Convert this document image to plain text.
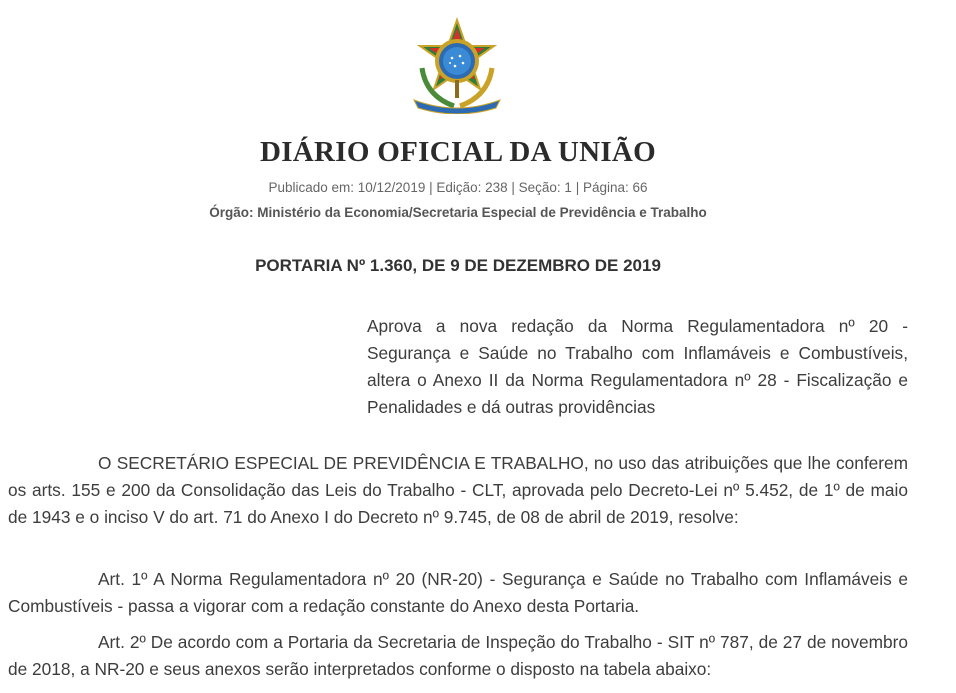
DIÁRIO OFICIAL DA UNIÃO
Publicado em: 10/12/2019 | Edição: 238 | Seção: 1 | Página: 66
Órgão: Ministério da Economia/Secretaria Especial de Previdência e Trabalho
PORTARIA Nº 1.360, DE 9 DE DEZEMBRO DE 2019
Aprova a nova redação da Norma Regulamentadora nº 20 - Segurança e Saúde no Trabalho com Inflamáveis e Combustíveis, altera o Anexo II da Norma Regulamentadora nº 28 - Fiscalização e Penalidades e dá outras providências
O SECRETÁRIO ESPECIAL DE PREVIDÊNCIA E TRABALHO, no uso das atribuições que lhe conferem os arts. 155 e 200 da Consolidação das Leis do Trabalho - CLT, aprovada pelo Decreto-Lei nº 5.452, de 1º de maio de 1943 e o inciso V do art. 71 do Anexo I do Decreto nº 9.745, de 08 de abril de 2019, resolve:
Art. 1º A Norma Regulamentadora nº 20 (NR-20) - Segurança e Saúde no Trabalho com Inflamáveis e Combustíveis - passa a vigorar com a redação constante do Anexo desta Portaria.
Art. 2º De acordo com a Portaria da Secretaria de Inspeção do Trabalho - SIT nº 787, de 27 de novembro de 2018, a NR-20 e seus anexos serão interpretados conforme o disposto na tabela abaixo:
